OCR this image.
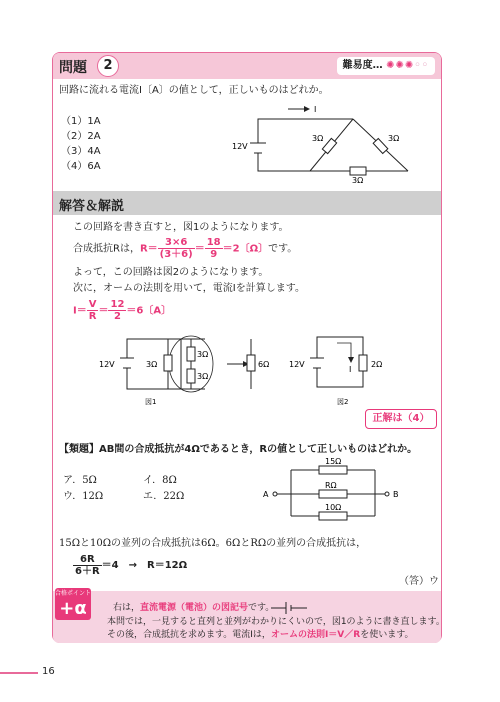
問題	2	難易度… ✺✺✺◦◦
回路に流れる電流I〔A〕の値として，正しいものはどれか。
（1）1A
（2）2A
（3）4A
（4）6A
I
12V
3Ω	3Ω
3Ω
解答＆解説
この回路を書き直すと，図1のようになります。
合成抵抗Rは，$R= \frac{3\times 6}{(3+6)} = \frac{18}{9} =2$〔Ω〕です。
よって，この回路は図2のようになります。
次に，オームの法則を用いて，電流Iを計算します。
$I= \frac{V}{R} = \frac{12}{2} =6$〔A〕
12V	3Ω
3Ω
3Ω
6Ω
図1
12V
I
2Ω
図2
正解は（4）
【類題】AB間の合成抵抗が4Ωであるとき，Rの値として正しいものはどれか。
ア．5Ω	イ．8Ω
ウ．12Ω	エ．22Ω
15Ω
RΩ
10Ω
A	B
15Ωと10Ωの並列の合成抵抗は6Ω。6ΩとRΩの並列の合成抵抗は，
$\frac{6R}{6+R} =4$　→　R＝12Ω
（答）ウ
合格ポイント
+α	右は，直流電源（電池）の図記号です。
本問では，一見すると直列と並列がわかりにくいので，図1のように書き直します。
その後，合成抵抗を求めます。電流Iは，オームの法則I＝V／Rを使います。
16
